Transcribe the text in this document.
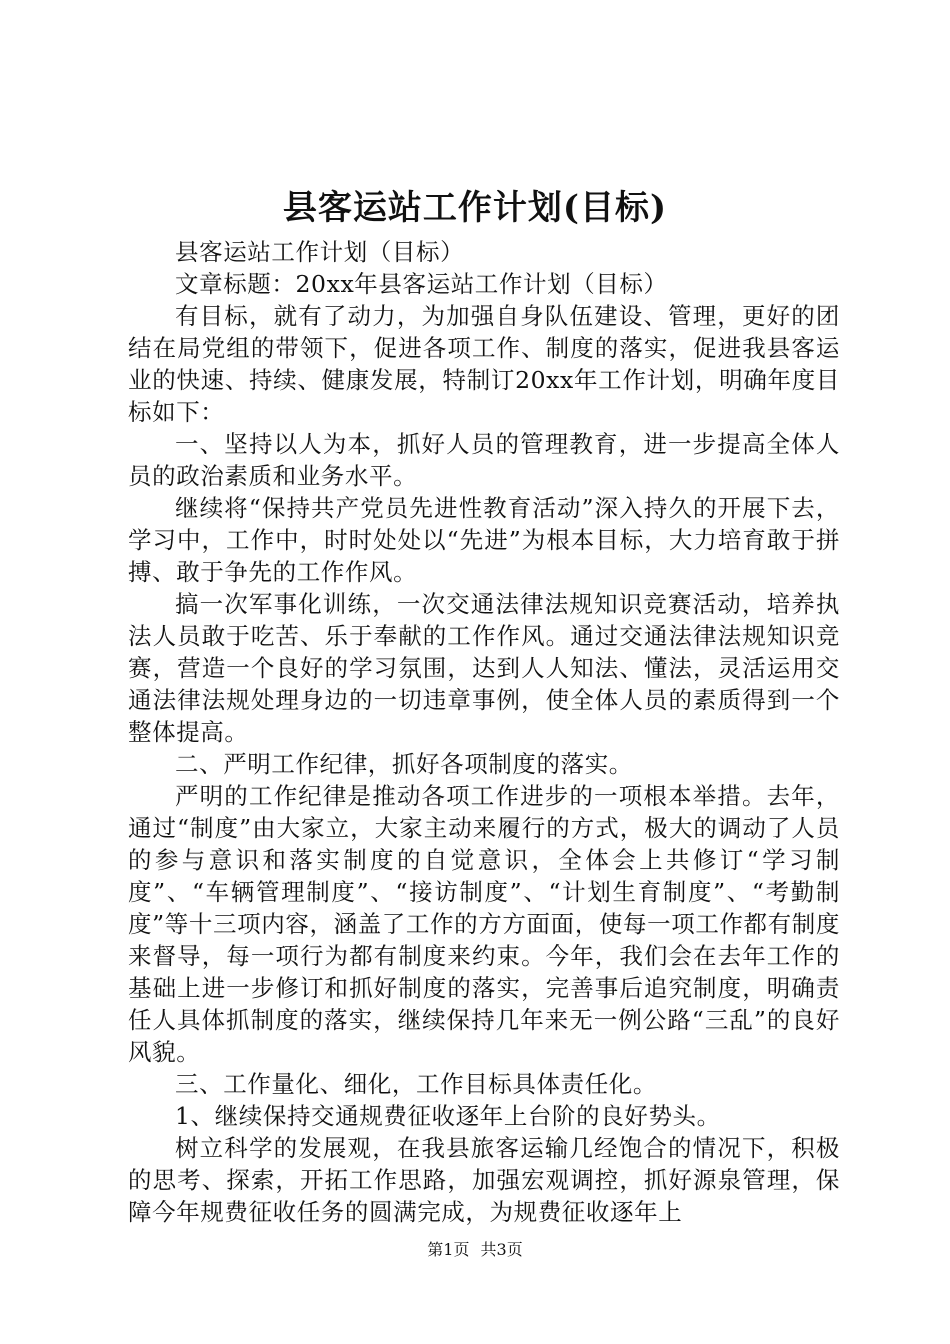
县客运站工作计划(目标)

县客运站工作计划（目标）

文章标题：20xx年县客运站工作计划（目标）

有目标，就有了动力，为加强自身队伍建设、管理，更好的团结在局党组的带领下，促进各项工作、制度的落实，促进我县客运业的快速、持续、健康发展，特制订20xx年工作计划，明确年度目标如下：

一、坚持以人为本，抓好人员的管理教育，进一步提高全体人员的政治素质和业务水平。

继续将“保持共产党员先进性教育活动”深入持久的开展下去，学习中，工作中，时时处处以“先进”为根本目标，大力培育敢于拼搏、敢于争先的工作作风。

搞一次军事化训练，一次交通法律法规知识竞赛活动，培养执法人员敢于吃苦、乐于奉献的工作作风。通过交通法律法规知识竞赛，营造一个良好的学习氛围，达到人人知法、懂法，灵活运用交通法律法规处理身边的一切违章事例，使全体人员的素质得到一个整体提高。

二、严明工作纪律，抓好各项制度的落实。

严明的工作纪律是推动各项工作进步的一项根本举措。去年，通过“制度”由大家立，大家主动来履行的方式，极大的调动了人员的参与意识和落实制度的自觉意识，全体会上共修订“学习制度”、“车辆管理制度”、“接访制度”、“计划生育制度”、“考勤制度”等十三项内容，涵盖了工作的方方面面，使每一项工作都有制度来督导，每一项行为都有制度来约束。今年，我们会在去年工作的基础上进一步修订和抓好制度的落实，完善事后追究制度，明确责任人具体抓制度的落实，继续保持几年来无一例公路“三乱”的良好风貌。

三、工作量化、细化，工作目标具体责任化。

1、继续保持交通规费征收逐年上台阶的良好势头。

树立科学的发展观，在我县旅客运输几经饱合的情况下，积极的思考、探索，开拓工作思路，加强宏观调控，抓好源泉管理，保障今年规费征收任务的圆满完成，为规费征收逐年上

第1页 共3页
